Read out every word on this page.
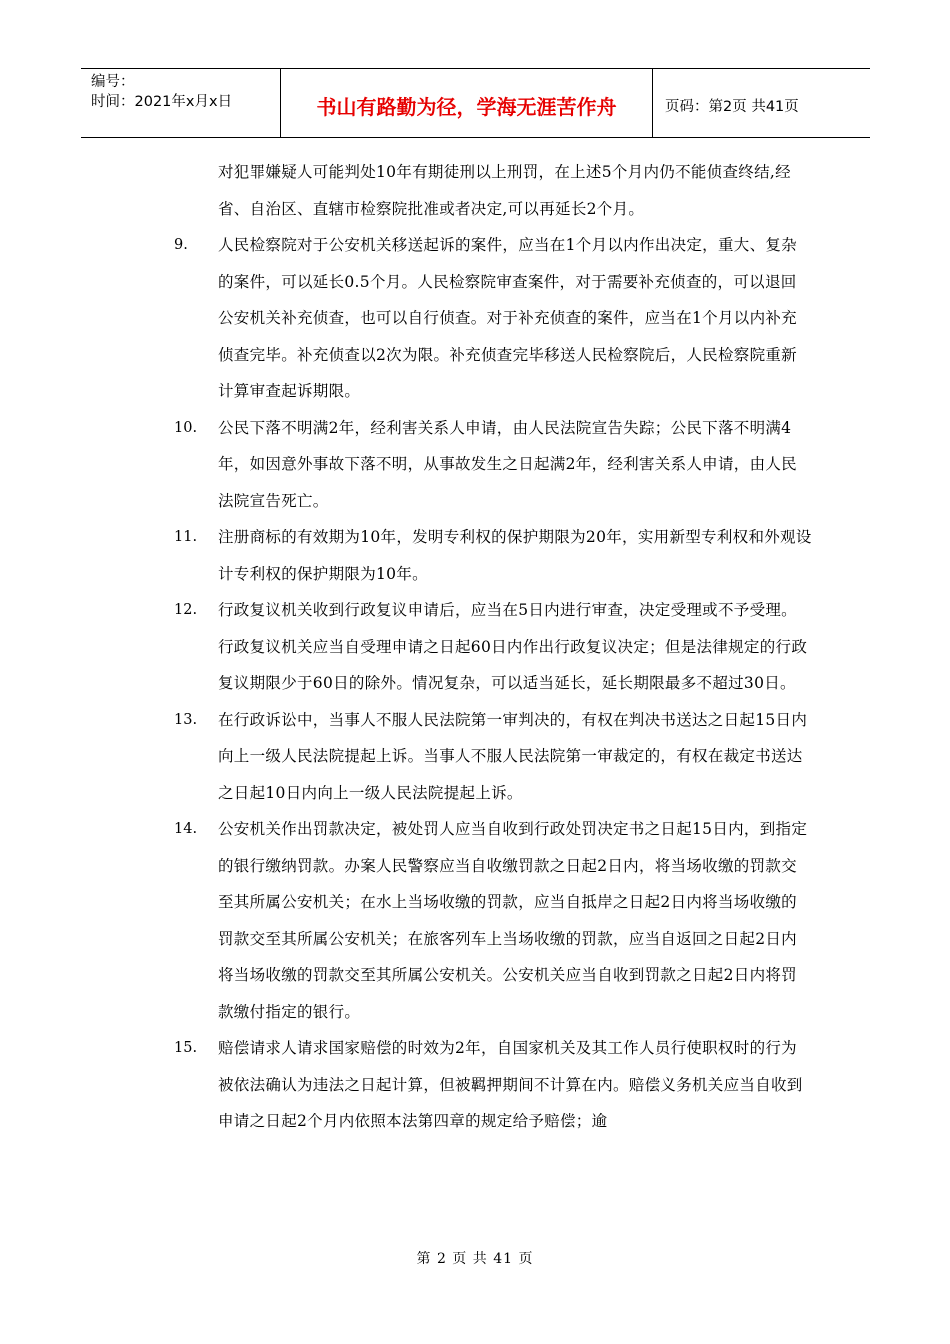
编号：
时间：2021年x月x日	书山有路勤为径，学海无涯苦作舟	页码：第2页 共41页
对犯罪嫌疑人可能判处10年有期徒刑以上刑罚，在上述5个月内仍不能侦查终结,经省、自治区、直辖市检察院批准或者决定,可以再延长2个月。
9. 人民检察院对于公安机关移送起诉的案件，应当在1个月以内作出决定，重大、复杂的案件，可以延长0.5个月。人民检察院审查案件，对于需要补充侦查的，可以退回公安机关补充侦查，也可以自行侦查。对于补充侦查的案件，应当在1个月以内补充侦查完毕。补充侦查以2次为限。补充侦查完毕移送人民检察院后，人民检察院重新计算审查起诉期限。
10. 公民下落不明满2年，经利害关系人申请，由人民法院宣告失踪；公民下落不明满4年，如因意外事故下落不明，从事故发生之日起满2年，经利害关系人申请，由人民法院宣告死亡。
11. 注册商标的有效期为10年，发明专利权的保护期限为20年，实用新型专利权和外观设计专利权的保护期限为10年。
12. 行政复议机关收到行政复议申请后，应当在5日内进行审查，决定受理或不予受理。行政复议机关应当自受理申请之日起60日内作出行政复议决定；但是法律规定的行政复议期限少于60日的除外。情况复杂，可以适当延长，延长期限最多不超过30日。
13. 在行政诉讼中，当事人不服人民法院第一审判决的，有权在判决书送达之日起15日内向上一级人民法院提起上诉。当事人不服人民法院第一审裁定的，有权在裁定书送达之日起10日内向上一级人民法院提起上诉。
14. 公安机关作出罚款决定，被处罚人应当自收到行政处罚决定书之日起15日内，到指定的银行缴纳罚款。办案人民警察应当自收缴罚款之日起2日内，将当场收缴的罚款交至其所属公安机关；在水上当场收缴的罚款，应当自抵岸之日起2日内将当场收缴的罚款交至其所属公安机关；在旅客列车上当场收缴的罚款，应当自返回之日起2日内将当场收缴的罚款交至其所属公安机关。公安机关应当自收到罚款之日起2日内将罚款缴付指定的银行。
15. 赔偿请求人请求国家赔偿的时效为2年，自国家机关及其工作人员行使职权时的行为被依法确认为违法之日起计算，但被羁押期间不计算在内。赔偿义务机关应当自收到申请之日起2个月内依照本法第四章的规定给予赔偿；逾
第 2 页 共 41 页
